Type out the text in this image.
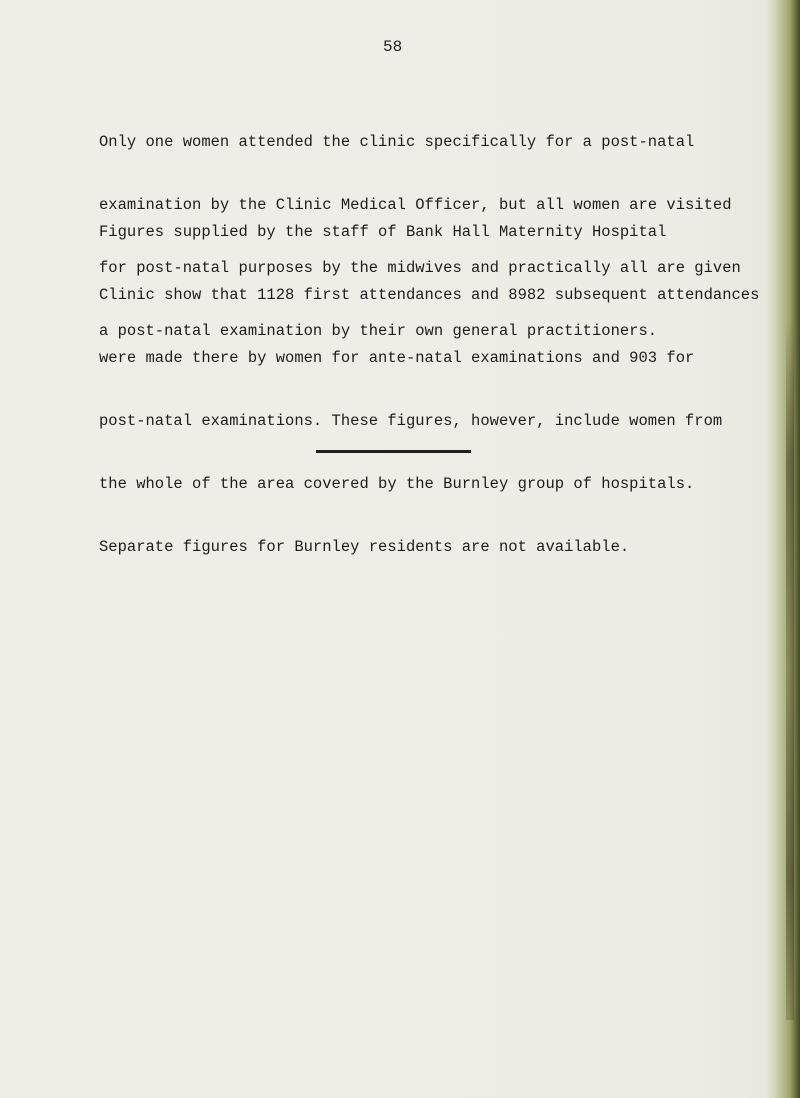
58

Only one women attended the clinic specifically for a post-natal

examination by the Clinic Medical Officer, but all women are visited

for post-natal purposes by the midwives and practically all are given

a post-natal examination by their own general practitioners.

Figures supplied by the staff of Bank Hall Maternity Hospital

Clinic show that 1128 first attendances and 8982 subsequent attendances

were made there by women for ante-natal examinations and 903 for

post-natal examinations. These figures, however, include women from

the whole of the area covered by the Burnley group of hospitals.

Separate figures for Burnley residents are not available.
